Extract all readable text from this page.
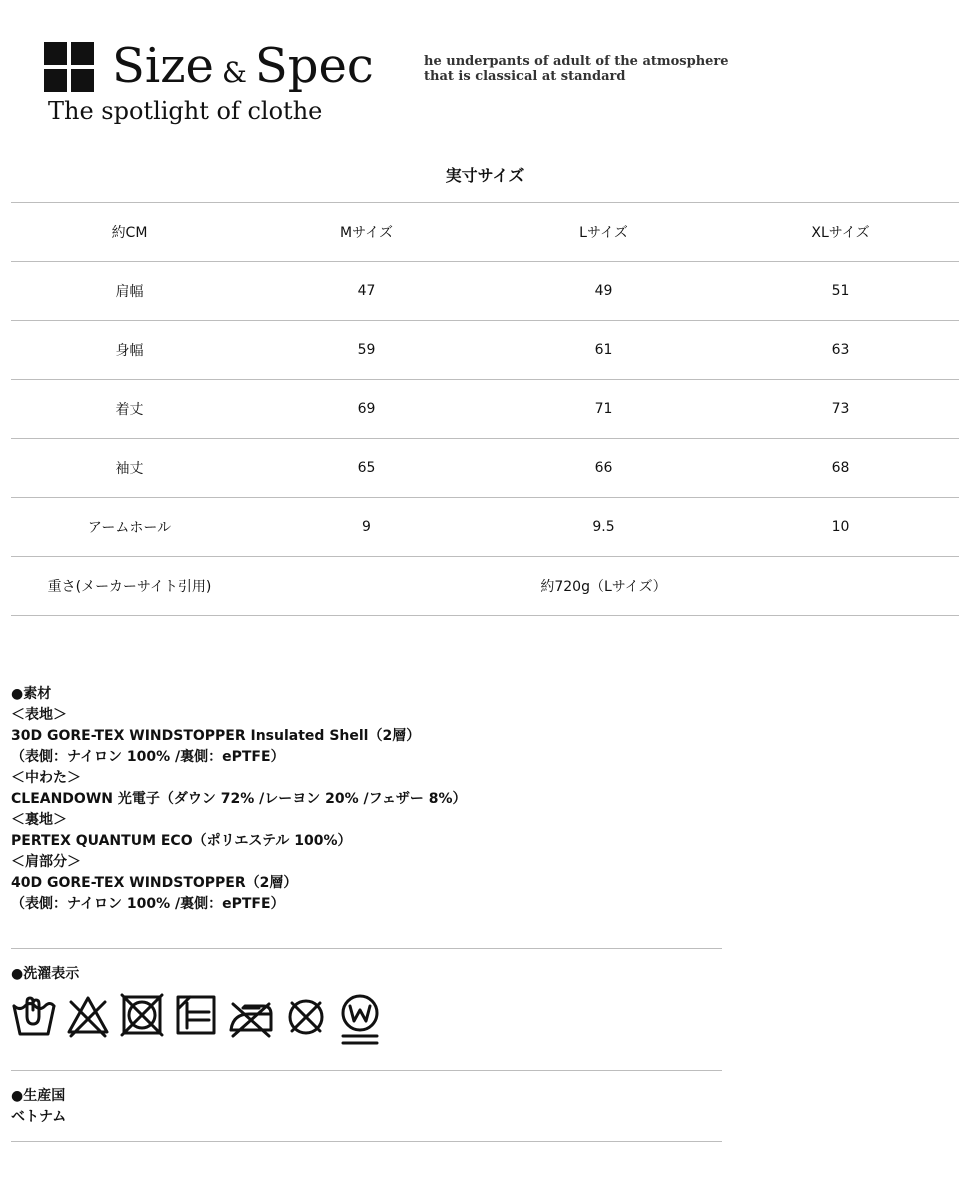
Size & Spec
The spotlight of clothe
he underpants of adult of the atmosphere
that is classical at standard
実寸サイズ
約CM	Mサイズ	Lサイズ	XLサイズ
肩幅	47	49	51
身幅	59	61	63
着丈	69	71	73
袖丈	65	66	68
アームホール	9	9.5	10
重さ(メーカーサイト引用)	約720g（Lサイズ）		
●素材
＜表地＞
30D GORE-TEX WINDSTOPPER Insulated Shell（2層）
（表側：ナイロン 100% /裏側：ePTFE）
＜中わた＞
CLEANDOWN 光電子（ダウン 72% /レーヨン 20% /フェザー 8%）
＜裏地＞
PERTEX QUANTUM ECO（ポリエステル 100%）
＜肩部分＞
40D GORE-TEX WINDSTOPPER（2層）
（表側：ナイロン 100% /裏側：ePTFE）
●洗濯表示
●生産国
ベトナム
